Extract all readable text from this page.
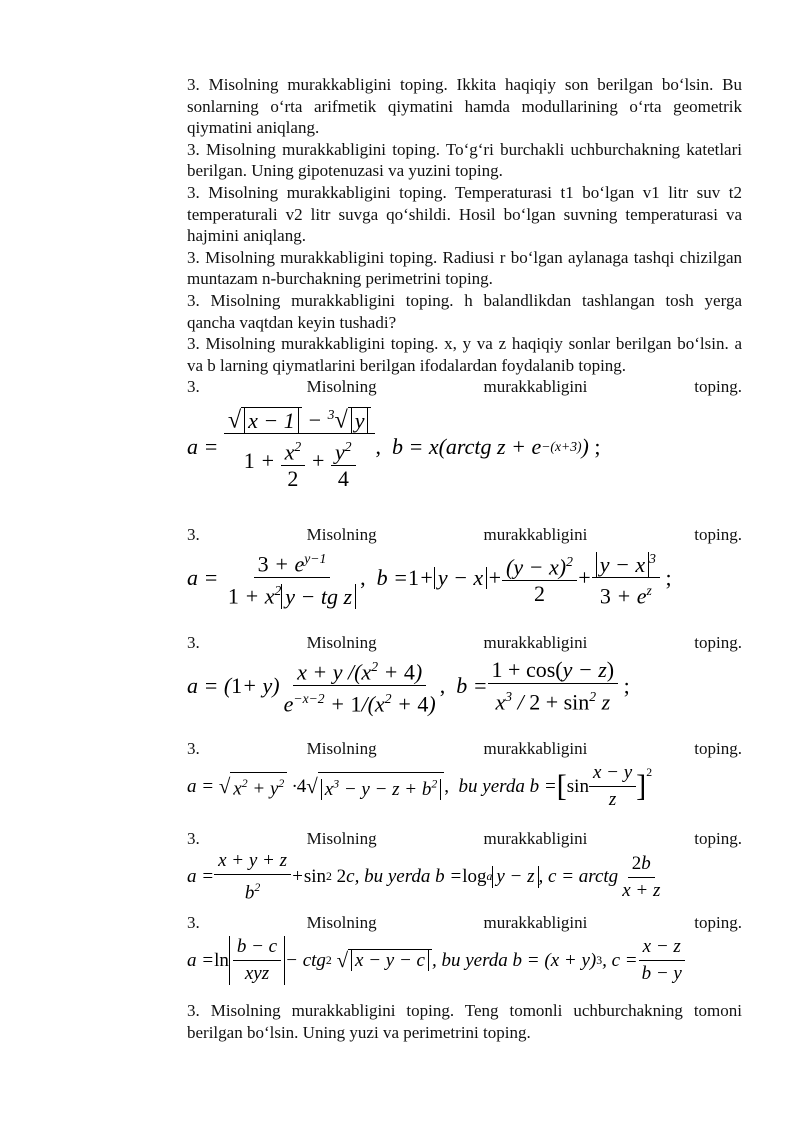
3. Misolning murakkabligini toping. Ikkita haqiqiy son berilgan bo‘lsin. Bu sonlarning o‘rta arifmetik qiymatini hamda modullarining o‘rta geometrik qiymatini aniqlang.

3. Misolning murakkabligini toping. To‘g‘ri burchakli uchburchakning katetlari berilgan. Uning gipotenuzasi va yuzini toping.

3. Misolning murakkabligini toping. Temperaturasi t1 bo‘lgan v1 litr suv t2 temperaturali v2 litr suvga qo‘shildi. Hosil bo‘lgan suvning temperaturasi va hajmini aniqlang.

3. Misolning murakkabligini toping. Radiusi r bo‘lgan aylanaga tashqi chizilgan muntazam n-burchakning perimetrini toping.

3. Misolning murakkabligini toping. h balandlikdan tashlangan tosh yerga qancha vaqtdan keyin tushadi?

3. Misolning murakkabligini toping. x, y va z haqiqiy sonlar berilgan bo‘lsin. a va b larning qiymatlarini berilgan ifodalardan foydalanib toping.

3.	Misolning	murakkabligini	toping.
$a = \frac{√ x - 1 - ^3√ y}{1 + \frac{x^2}{2} + \frac{y^2}{4}}$ , b = x(arctg z + e −(x+3) ) ;
3.	Misolning	murakkabligini	toping.
$a = \frac{3 + e^{y-1}}{1 + x^2 y - tg z}$ , $b = 1 + y - x + \frac{(y - x)^2}{2} + \frac{y - x ^3}{3 + e^z}$ ;
3.	Misolning	murakkabligini	toping.
a = ( $1 + y) \frac{x + y /(x^2 + 4)}{e^{-x-2} + 1/(x^2 + 4)}$ , $b = \frac{1 + \cos(y - z)}{x^3 / 2 + \sin^2 z}$ ;
3.	Misolning	murakkabligini	toping.
a = √ $x^2 + y^2 \cdot 4$ √ $x^3 - y - z + b^2$ , bu yerda b = [ $\sin \frac{x - y}{z} ]^2$
3.	Misolning	murakkabligini	toping.
$a = \frac{x + y + z}{b^2} + \sin 2$
2 c, bu yerda b = log a y − z , c = arctg $\frac{2b}{x + z}$
3.	Misolning	murakkabligini	toping.
$a = \ln \frac{b - c}{\text{xyz}}$ − ctg 2
√ x − y − c , bu yerda b = (x + y) 3 , $c = \frac{x - z}{b - y}$

3. Misolning murakkabligini toping. Teng tomonli uchburchakning tomoni berilgan bo‘lsin. Uning yuzi va perimetrini toping.
